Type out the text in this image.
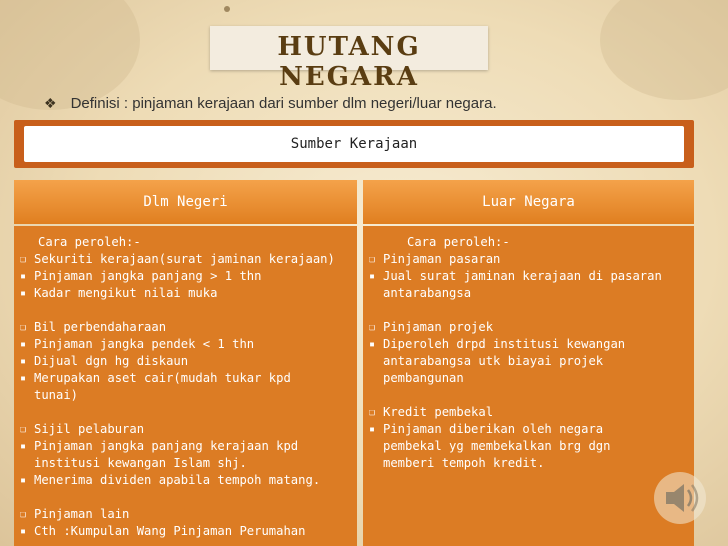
HUTANG NEGARA
❖ Definisi : pinjaman kerajaan dari sumber dlm negeri/luar negara.
Sumber Kerajaan
Dlm Negeri	Luar Negara
Cara peroleh:-
❏ Sekuriti kerajaan(surat jaminan kerajaan)
▪ Pinjaman jangka panjang > 1 thn
▪ Kadar mengikut nilai muka
❏ Bil perbendaharaan
▪ Pinjaman jangka pendek < 1 thn
▪ Dijual dgn hg diskaun
▪ Merupakan aset cair(mudah tukar kpd
tunai)
❏ Sijil pelaburan
▪ Pinjaman jangka panjang kerajaan kpd
institusi kewangan Islam shj.
▪ Menerima dividen apabila tempoh matang.
❏ Pinjaman lain
▪ Cth :Kumpulan Wang Pinjaman Perumahan
Cara peroleh:-
❏ Pinjaman pasaran
▪ Jual surat jaminan kerajaan di pasaran
antarabangsa
❏ Pinjaman projek
▪ Diperoleh drpd institusi kewangan
antarabangsa utk biayai projek
pembangunan
❏ Kredit pembekal
▪ Pinjaman diberikan oleh negara
pembekal yg membekalkan brg dgn
memberi tempoh kredit.
